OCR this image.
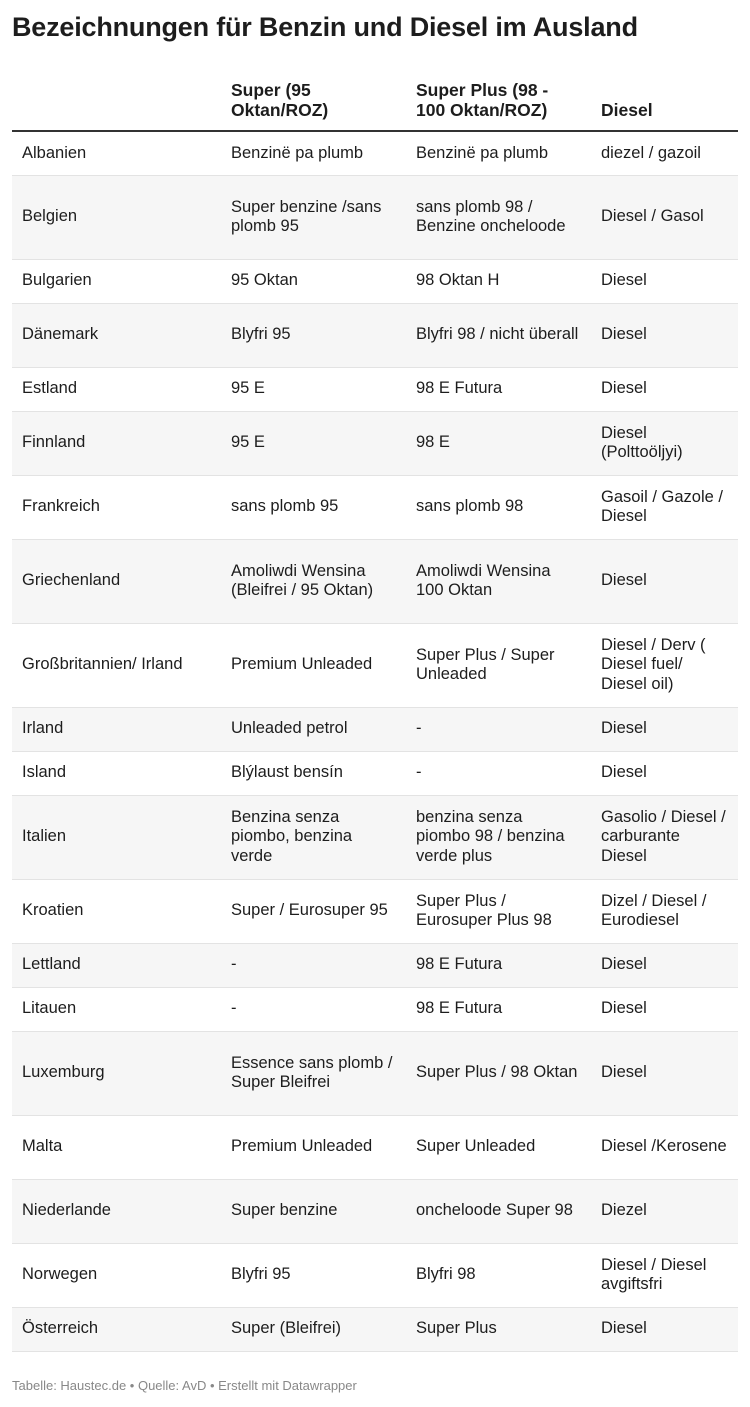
Bezeichnungen für Benzin und Diesel im Ausland
	Super (95 Oktan/ROZ)	Super Plus (98 - 100 Oktan/ROZ)	Diesel
Albanien	Benzinë pa plumb	Benzinë pa plumb	diezel / gazoil
Belgien	Super benzine /sans plomb 95	sans plomb 98 / Benzine oncheloode	Diesel / Gasol
Bulgarien	95 Oktan	98 Oktan H	Diesel
Dänemark	Blyfri 95	Blyfri 98 / nicht überall	Diesel
Estland	95 E	98 E Futura	Diesel
Finnland	95 E	98 E	Diesel (Polttoöljyi)
Frankreich	sans plomb 95	sans plomb 98	Gasoil / Gazole / Diesel
Griechenland	Amoliwdi Wensina (Bleifrei / 95 Oktan)	Amoliwdi Wensina 100 Oktan	Diesel
Großbritannien/ Irland	Premium Unleaded	Super Plus / Super Unleaded	Diesel / Derv ( Diesel fuel/ Diesel oil)
Irland	Unleaded petrol	-	Diesel
Island	Blýlaust bensín	-	Diesel
Italien	Benzina senza piombo, benzina verde	benzina senza piombo 98 / benzina verde plus	Gasolio / Diesel / carburante Diesel
Kroatien	Super / Eurosuper 95	Super Plus / Eurosuper Plus 98	Dizel / Diesel / Eurodiesel
Lettland	-	98 E Futura	Diesel
Litauen	-	98 E Futura	Diesel
Luxemburg	Essence sans plomb / Super Bleifrei	Super Plus / 98 Oktan	Diesel
Malta	Premium Unleaded	Super Unleaded	Diesel /Kerosene
Niederlande	Super benzine	oncheloode Super 98	Diezel
Norwegen	Blyfri 95	Blyfri 98	Diesel / Diesel avgiftsfri
Österreich	Super (Bleifrei)	Super Plus	Diesel
Tabelle: Haustec.de • Quelle: AvD • Erstellt mit Datawrapper
